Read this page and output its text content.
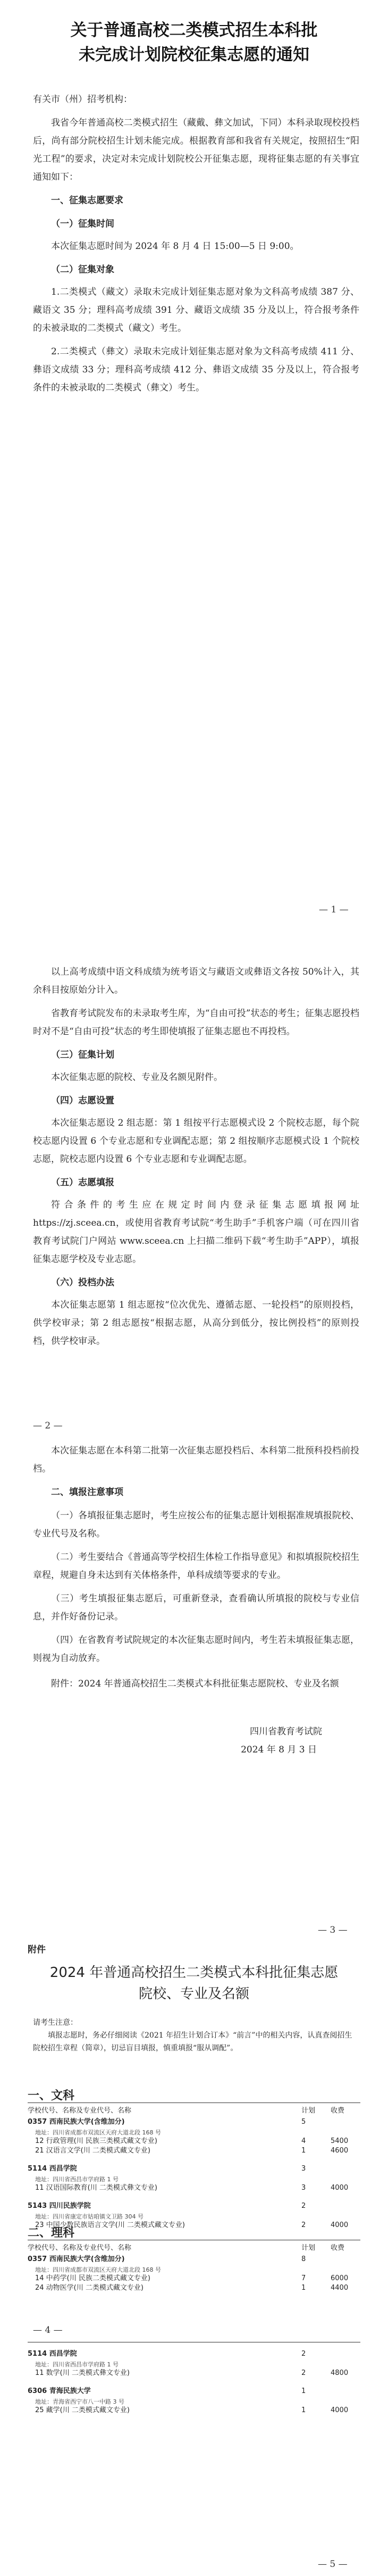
关于普通高校二类模式招生本科批

未完成计划院校征集志愿的通知

有关市（州）招考机构：

我省今年普通高校二类模式招生（藏戴、彝文加试，下同）本科录取现校投档后，尚有部分院校招生计划未能完成。根据教育部和我省有关规定，按照招生“阳光工程”的要求，决定对未完成计划院校公开征集志愿，现将征集志愿的有关事宜通知如下：

一、征集志愿要求

（一）征集时间

本次征集志愿时间为 2024 年 8 月 4 日 15:00—5 日 9:00。

（二）征集对象

1.二类模式（藏文）录取未完成计划征集志愿对象为文科高考成绩 387 分、藏语文 35 分；理科高考成绩 391 分、藏语文成绩 35 分及以上，符合报考条件的未被录取的二类模式（藏文）考生。

2.二类模式（彝文）录取未完成计划征集志愿对象为文科高考成绩 411 分、彝语文成绩 33 分；理科高考成绩 412 分、彝语文成绩 35 分及以上，符合报考条件的未被录取的二类模式（彝文）考生。

— 1 —

以上高考成绩中语文科成绩为统考语文与藏语文或彝语文各按 50%计入，其余科目按原始分计入。

省教育考试院发布的未录取考生库，为“自由可投”状态的考生；征集志愿投档时对不是“自由可投”状态的考生即使填报了征集志愿也不再投档。

（三）征集计划

本次征集志愿的院校、专业及名额见附件。

（四）志愿设置

本次征集志愿设 2 组志愿：第 1 组按平行志愿模式设 2 个院校志愿，每个院校志愿内设置 6 个专业志愿和专业调配志愿；第 2 组按顺序志愿模式设 1 个院校志愿，院校志愿内设置 6 个专业志愿和专业调配志愿。

（五）志愿填报

符合条件的考生应在规定时间内登录征集志愿填报网址 https://zj.sceea.cn，或使用省教育考试院“考生助手”手机客户端（可在四川省教育考试院门户网站 www.sceea.cn 上扫描二维码下载“考生助手”APP），填报征集志愿学校及专业志愿。

（六）投档办法

本次征集志愿第 1 组志愿按“位次优先、遵循志愿、一轮投档”的原则投档，供学校审录；第 2 组志愿按“根据志愿，从高分到低分，按比例投档”的原则投档，供学校审录。

— 2 —

本次征集志愿在本科第二批第一次征集志愿投档后、本科第二批预科投档前投档。

二、填报注意事项

（一）各填报征集志愿时，考生应按公布的征集志愿计划根据准规填报院校、专业代号及名称。

（二）考生要结合《普通高等学校招生体检工作指导意见》和拟填报院校招生章程，规避自身未达到有关体格条件，单科成绩等要求的专业。

（三）考生填报征集志愿后，可重新登录，查看确认所填报的院校与专业信息，并作好备份记录。

（四）在省教育考试院规定的本次征集志愿时间内，考生若未填报征集志愿，则视为自动放弃。

附件：2024 年普通高校招生二类模式本科批征集志愿院校、专业及名额

四川省教育考试院

2024 年 8 月 3 日

— 3 —
附件
2024 年普通高校招生二类模式本科批征集志愿
院校、专业及名额
请考生注意：
填报志愿时，务必仔细阅读《2021 年招生计划合订本》“前言”中的相关内容，认真查阅招生院校招生章程（简章），切忌盲目填报，慎重填报“服从调配”。
一、文科
学校代号、名称及专业代号、名称	计划 收费
0357 西南民族大学(含维加分)	5
地址：四川省成都市双流区天府大道北段 168 号
12 行政管理(川 民族三类模式藏文专业)	4	5400
21 汉语言文学(川 二类模式藏文专业)	1	4600
5114 西昌学院	3
地址：四川省西昌市学府路 1 号
11 汉语国际教育(川 二类模式彝文专业)	3	4000
5143 四川民族学院	2
地址：四川省康定市姑咱镇文卫路 304 号
23 中国少数民族语言文学(川 二类模式藏文专业)	2	4000
二、理科
学校代号、名称及专业代号、名称	计划 收费
0357 西南民族大学(含维加分)	8
地址：四川省成都市双流区天府大道北段 168 号
14 中药学(川 民族二类模式藏文专业)	7	6000
24 动物医学(川 二类模式藏文专业)	1	4400
— 4 —
5114 西昌学院	2
地址：四川省西昌市学府路 1 号
11 数学(川 二类模式彝文专业)	2	4800
6306 青海民族大学	1
地址：青海省西宁市八一中路 3 号
25 藏学(川 二类模式藏文专业)	1	4000
— 5 —
